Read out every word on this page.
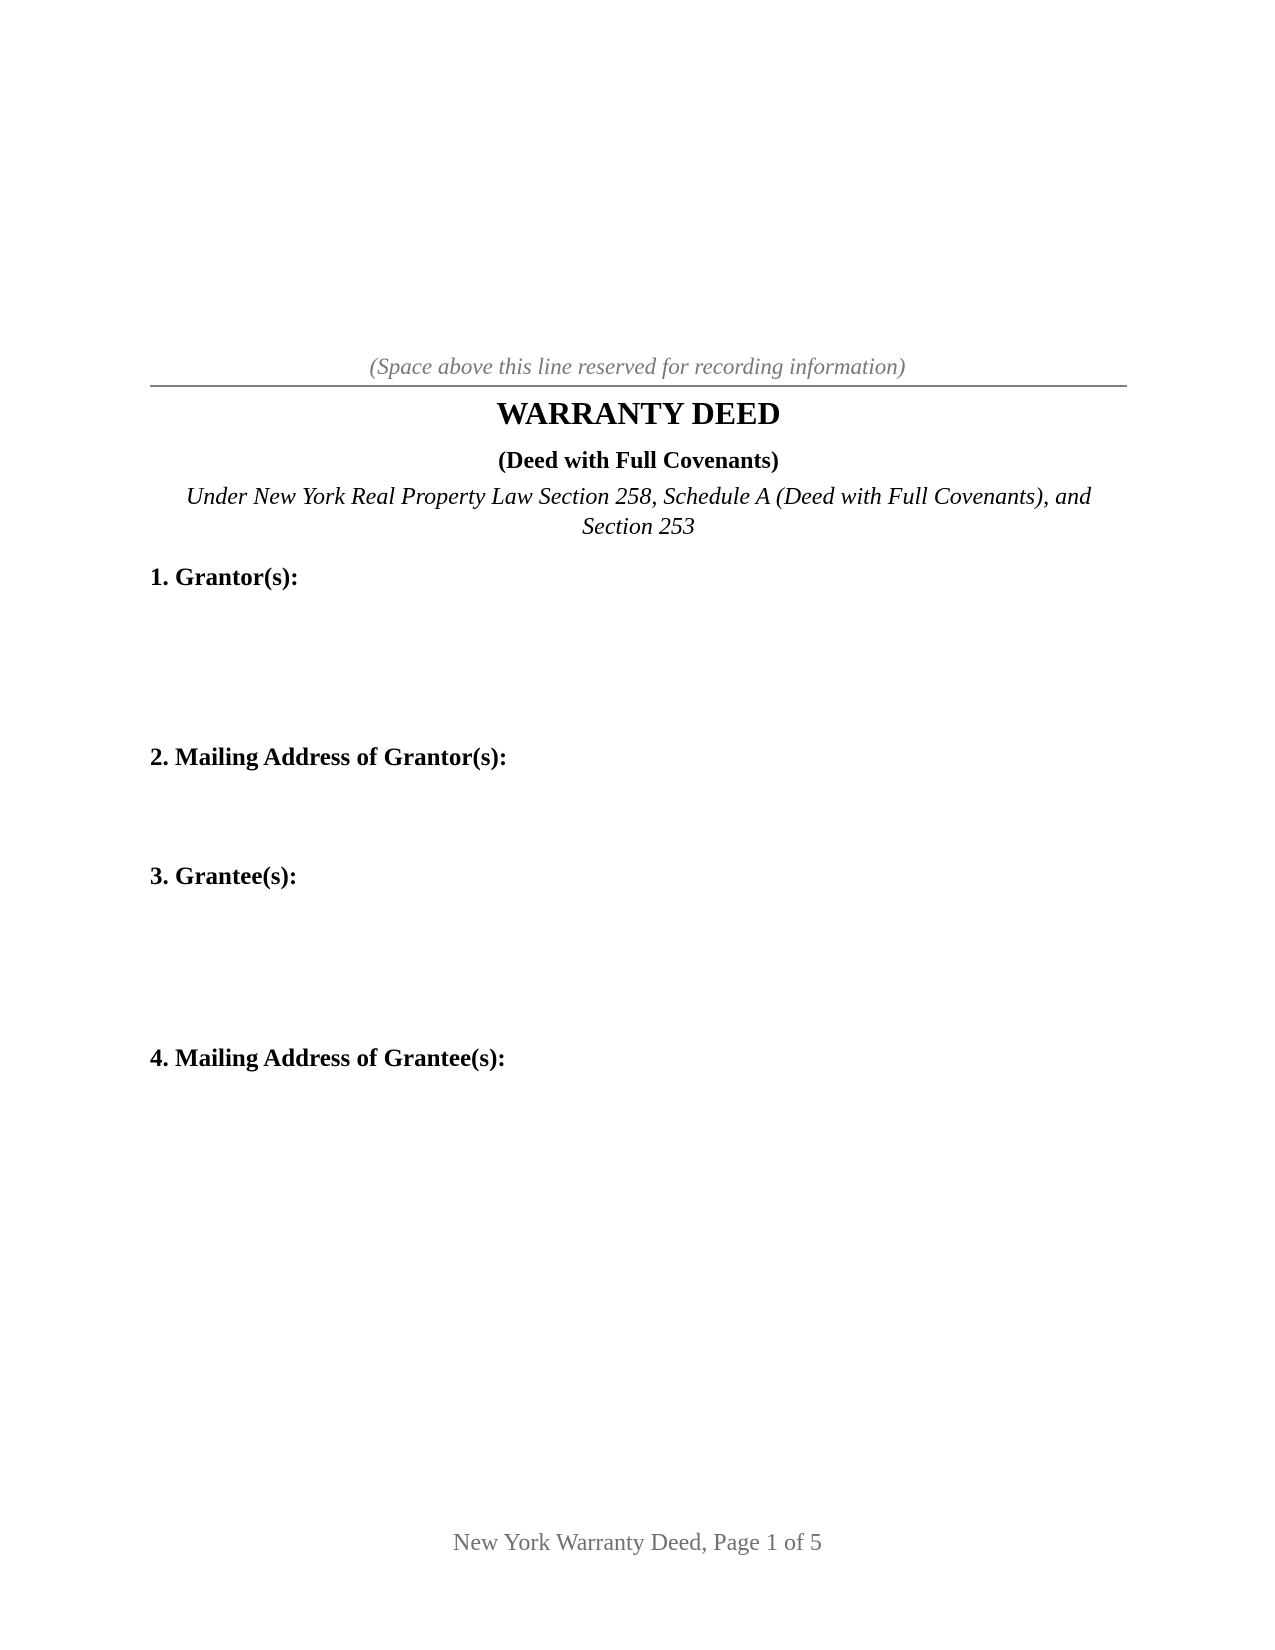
(Space above this line reserved for recording information)
WARRANTY DEED
(Deed with Full Covenants)
Under New York Real Property Law Section 258, Schedule A (Deed with Full Covenants), and Section 253
1. Grantor(s):
2. Mailing Address of Grantor(s):
3. Grantee(s):
4. Mailing Address of Grantee(s):
New York Warranty Deed, Page 1 of 5
